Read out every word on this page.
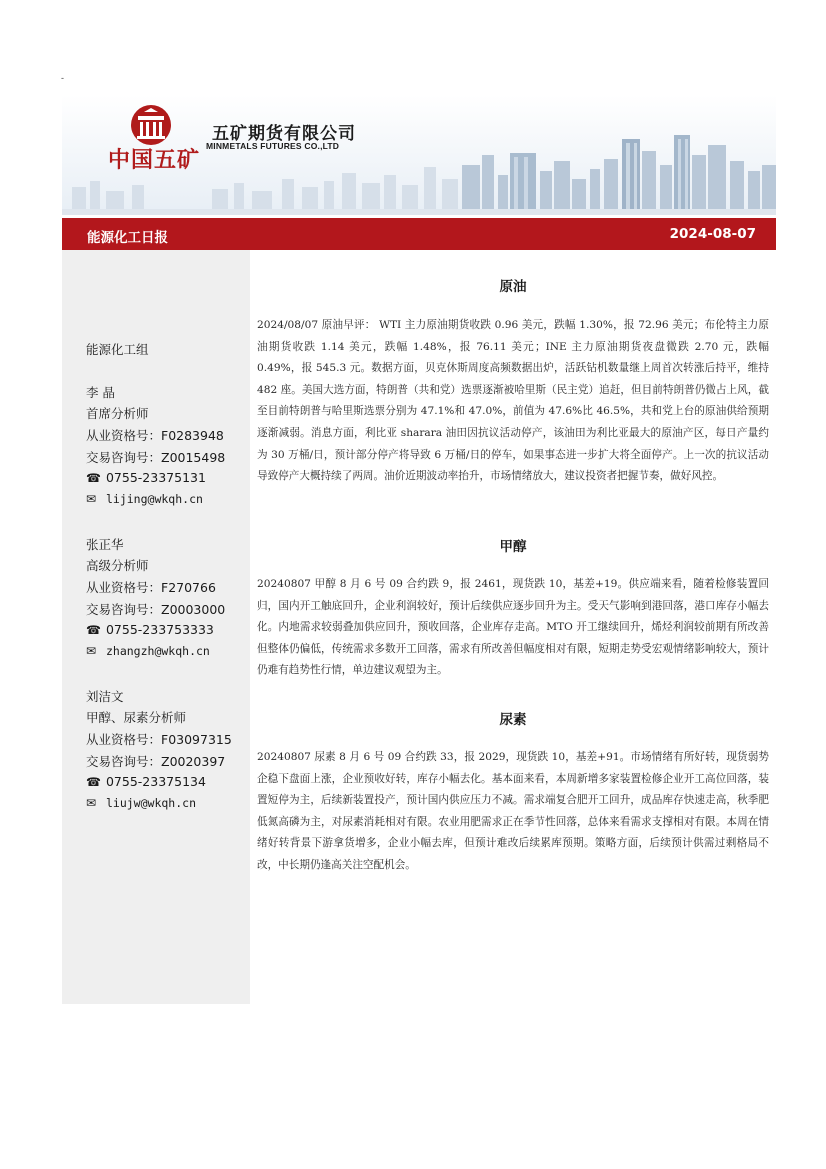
-
中国五矿
五矿期货有限公司
MINMETALS FUTURES CO.,LTD
能源化工日报	2024-08-07
能源化工组
李 晶
首席分析师
从业资格号：F0283948
交易咨询号：Z0015498
☎ 0755-23375131
✉ lijing@wkqh.cn
张正华
高级分析师
从业资格号：F270766
交易咨询号：Z0003000
☎ 0755-233753333
✉ zhangzh@wkqh.cn
刘洁文
甲醇、尿素分析师
从业资格号：F03097315
交易咨询号：Z0020397
☎ 0755-23375134
✉ liujw@wkqh.cn
原油

2024/08/07 原油早评： WTI 主力原油期货收跌 0.96 美元，跌幅 1.30%，报 72.96 美元；布伦特主力原油期货收跌 1.14 美元，跌幅 1.48%，报 76.11 美元；INE 主力原油期货夜盘微跌 2.70 元，跌幅 0.49%，报 545.3 元。数据方面，贝克休斯周度高频数据出炉，活跃钻机数量继上周首次转涨后持平，维持 482 座。美国大选方面，特朗普（共和党）选票逐渐被哈里斯（民主党）追赶，但目前特朗普仍微占上风，截至目前特朗普与哈里斯选票分别为 47.1%和 47.0%，前值为 47.6%比 46.5%，共和党上台的原油供给预期逐渐减弱。消息方面，利比亚 sharara 油田因抗议活动停产，该油田为利比亚最大的原油产区，每日产量约为 30 万桶/日，预计部分停产将导致 6 万桶/日的停车，如果事态进一步扩大将全面停产。上一次的抗议活动导致停产大概持续了两周。油价近期波动率抬升，市场情绪放大，建议投资者把握节奏，做好风控。

甲醇

20240807 甲醇 8 月 6 号 09 合约跌 9，报 2461，现货跌 10，基差+19。供应端来看，随着检修装置回归，国内开工触底回升，企业利润较好，预计后续供应逐步回升为主。受天气影响到港回落，港口库存小幅去化。内地需求较弱叠加供应回升，预收回落，企业库存走高。MTO 开工继续回升，烯烃利润较前期有所改善但整体仍偏低，传统需求多数开工回落，需求有所改善但幅度相对有限，短期走势受宏观情绪影响较大，预计仍难有趋势性行情，单边建议观望为主。

尿素

20240807 尿素 8 月 6 号 09 合约跌 33，报 2029，现货跌 10，基差+91。市场情绪有所好转，现货弱势企稳下盘面上涨，企业预收好转，库存小幅去化。基本面来看，本周新增多家装置检修企业开工高位回落，装置短停为主，后续新装置投产，预计国内供应压力不减。需求端复合肥开工回升，成品库存快速走高，秋季肥低氮高磷为主，对尿素消耗相对有限。农业用肥需求正在季节性回落，总体来看需求支撑相对有限。本周在情绪好转背景下游拿货增多，企业小幅去库，但预计难改后续累库预期。策略方面，后续预计供需过剩格局不改，中长期仍逢高关注空配机会。
